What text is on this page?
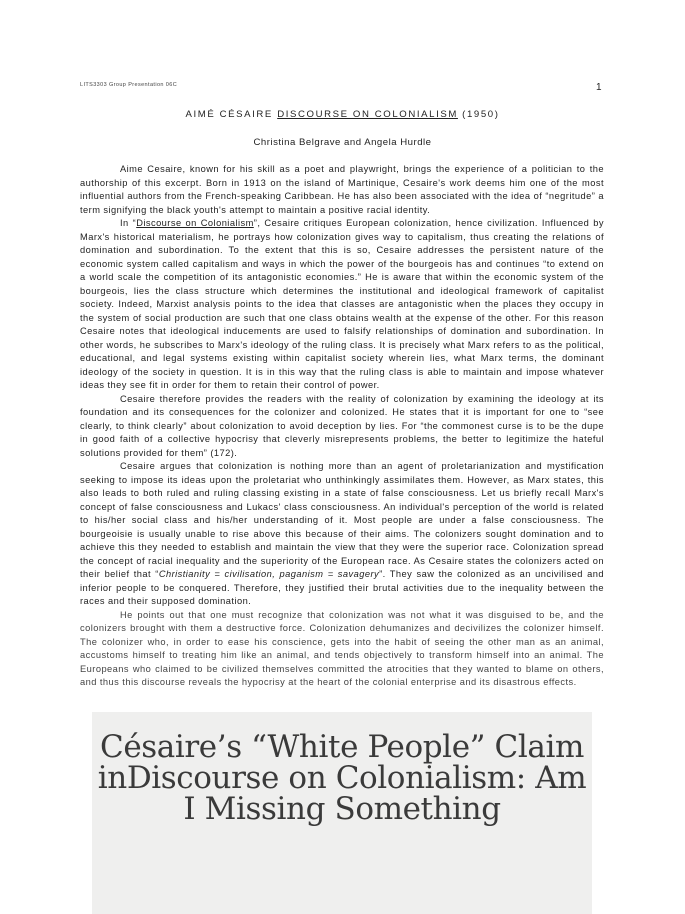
LITS3303 Group Presentation 06C	1
AIMÉ CÉSAIRE DISCOURSE ON COLONIALISM (1950)
Christina Belgrave and Angela Hurdle

Aime Cesaire, known for his skill as a poet and playwright, brings the experience of a politician to the authorship of this excerpt. Born in 1913 on the island of Martinique, Cesaire's work deems him one of the most influential authors from the French-speaking Caribbean. He has also been associated with the idea of “negritude” a term signifying the black youth's attempt to maintain a positive racial identity.

In “Discourse on Colonialism”, Cesaire critiques European colonization, hence civilization. Influenced by Marx's historical materialism, he portrays how colonization gives way to capitalism, thus creating the relations of domination and subordination. To the extent that this is so, Cesaire addresses the persistent nature of the economic system called capitalism and ways in which the power of the bourgeois has and continues “to extend on a world scale the competition of its antagonistic economies.” He is aware that within the economic system of the bourgeois, lies the class structure which determines the institutional and ideological framework of capitalist society. Indeed, Marxist analysis points to the idea that classes are antagonistic when the places they occupy in the system of social production are such that one class obtains wealth at the expense of the other. For this reason Cesaire notes that ideological inducements are used to falsify relationships of domination and subordination. In other words, he subscribes to Marx's ideology of the ruling class. It is precisely what Marx refers to as the political, educational, and legal systems existing within capitalist society wherein lies, what Marx terms, the dominant ideology of the society in question. It is in this way that the ruling class is able to maintain and impose whatever ideas they see fit in order for them to retain their control of power.

Cesaire therefore provides the readers with the reality of colonization by examining the ideology at its foundation and its consequences for the colonizer and colonized. He states that it is important for one to “see clearly, to think clearly” about colonization to avoid deception by lies. For “the commonest curse is to be the dupe in good faith of a collective hypocrisy that cleverly misrepresents problems, the better to legitimize the hateful solutions provided for them” (172).

Cesaire argues that colonization is nothing more than an agent of proletarianization and mystification seeking to impose its ideas upon the proletariat who unthinkingly assimilates them. However, as Marx states, this also leads to both ruled and ruling classing existing in a state of false consciousness. Let us briefly recall Marx's concept of false consciousness and Lukacs' class consciousness. An individual's perception of the world is related to his/her social class and his/her understanding of it. Most people are under a false consciousness. The bourgeoisie is usually unable to rise above this because of their aims. The colonizers sought domination and to achieve this they needed to establish and maintain the view that they were the superior race. Colonization spread the concept of racial inequality and the superiority of the European race. As Cesaire states the colonizers acted on their belief that “Christianity = civilisation, paganism = savagery”. They saw the colonized as an uncivilised and inferior people to be conquered. Therefore, they justified their brutal activities due to the inequality between the races and their supposed domination.

He points out that one must recognize that colonization was not what it was disguised to be, and the colonizers brought with them a destructive force. Colonization dehumanizes and decivilizes the colonizer himself. The colonizer who, in order to ease his conscience, gets into the habit of seeing the other man as an animal, accustoms himself to treating him like an animal, and tends objectively to transform himself into an animal. The Europeans who claimed to be civilized themselves committed the atrocities that they wanted to blame on others, and thus this discourse reveals the hypocrisy at the heart of the colonial enterprise and its disastrous effects.

Césaire’s “White People” Claim inDiscourse on Colonialism: Am I Missing Something
